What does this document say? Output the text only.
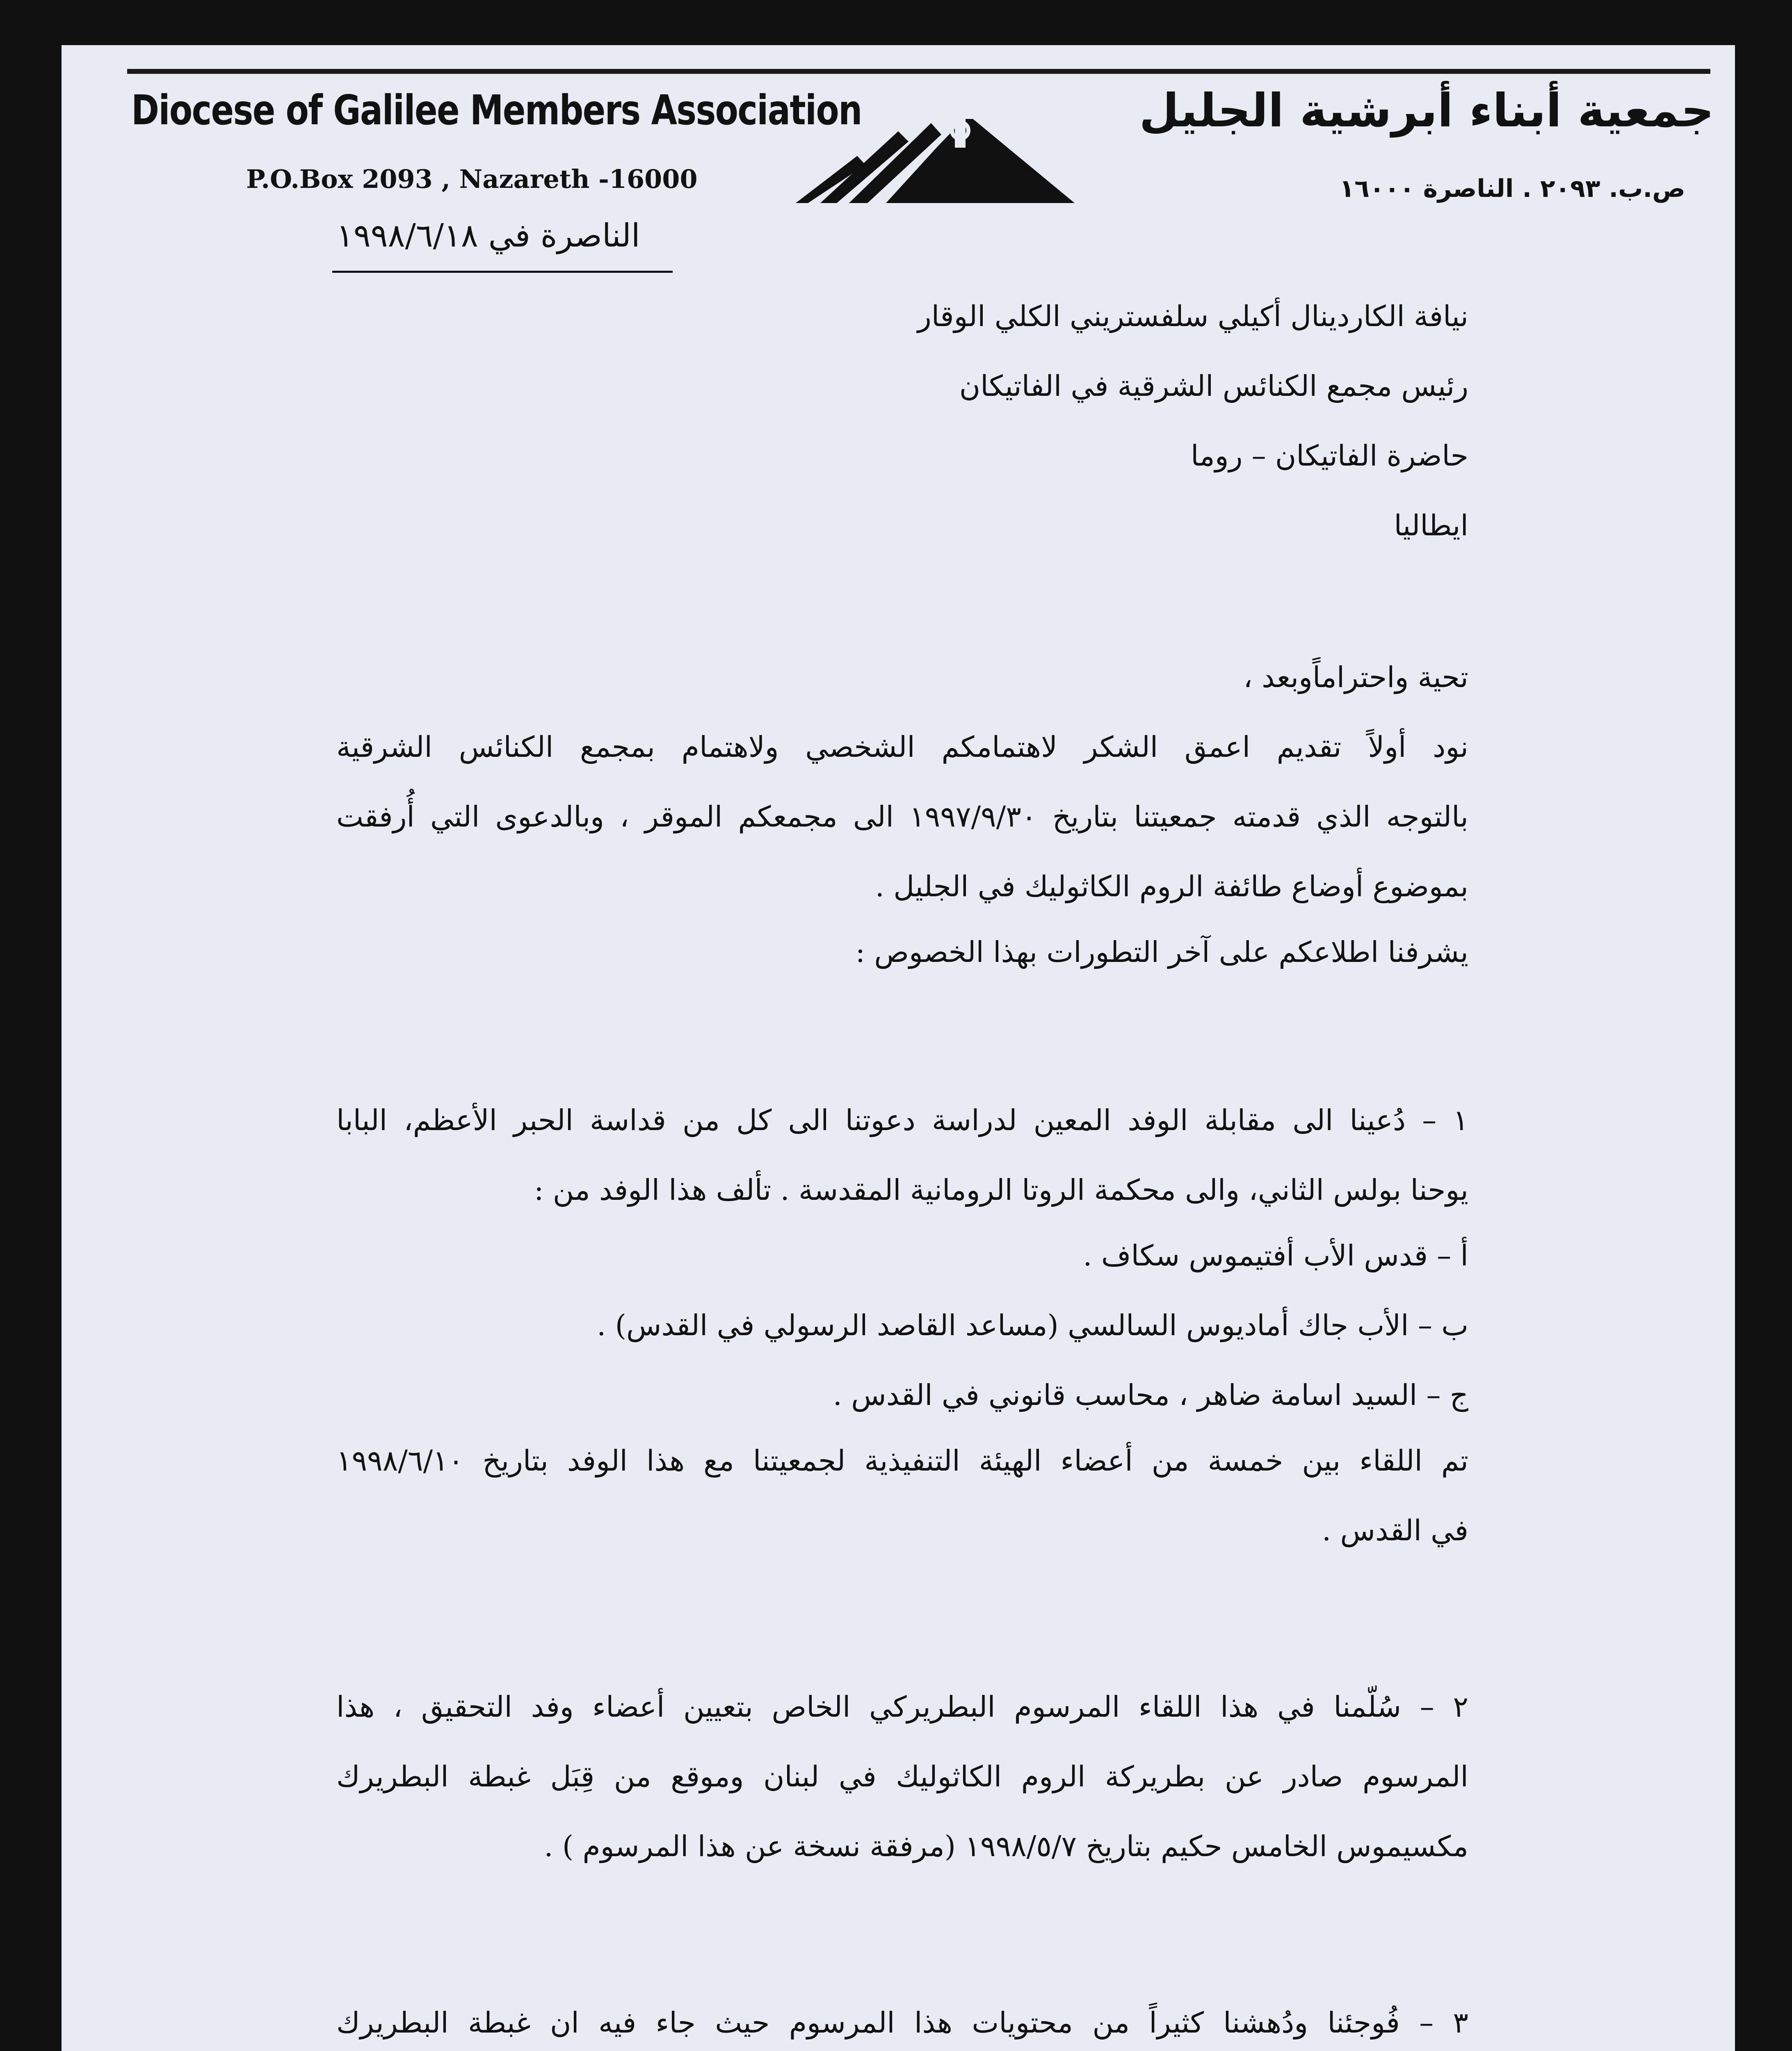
Diocese of Galilee Members Association
P.O.Box 2093 , Nazareth -16000
جمعية أبناء أبرشية الجليل
ص.ب. ٢٠٩٣ . الناصرة ١٦٠٠٠
الناصرة في ١٩٩٨/٦/١٨
نيافة الكاردينال أكيلي سلفستريني الكلي الوقار
رئيس مجمع الكنائس الشرقية في الفاتيكان
حاضرة الفاتيكان – روما
ايطاليا
تحية واحتراماًوبعد ،
نود أولاً تقديم اعمق الشكر لاهتمامكم الشخصي ولاهتمام بمجمع الكنائس الشرقية
بالتوجه الذي قدمته جمعيتنا بتاريخ ١٩٩٧/٩/٣٠ الى مجمعكم الموقر ، وبالدعوى التي أُرفقت
بموضوع أوضاع طائفة الروم الكاثوليك في الجليل .
يشرفنا اطلاعكم على آخر التطورات بهذا الخصوص :
١ – دُعينا الى مقابلة الوفد المعين لدراسة دعوتنا الى كل من قداسة الحبر الأعظم، البابا
يوحنا بولس الثاني، والى محكمة الروتا الرومانية المقدسة . تألف هذا الوفد من :
أ – قدس الأب أفتيموس سكاف .
ب – الأب جاك أماديوس السالسي (مساعد القاصد الرسولي في القدس) .
ج – السيد اسامة ضاهر ، محاسب قانوني في القدس .
تم اللقاء بين خمسة من أعضاء الهيئة التنفيذية لجمعيتنا مع هذا الوفد بتاريخ ١٩٩٨/٦/١٠
في القدس .
٢ – سُلّمنا في هذا اللقاء المرسوم البطريركي الخاص بتعيين أعضاء وفد التحقيق ، هذا
المرسوم صادر عن بطريركة الروم الكاثوليك في لبنان وموقع من قِبَل غبطة البطريرك
مكسيموس الخامس حكيم بتاريخ ١٩٩٨/٥/٧ (مرفقة نسخة عن هذا المرسوم ) .
٣ – فُوجئنا ودُهشنا كثيراً من محتويات هذا المرسوم حيث جاء فيه ان غبطة البطريرك
